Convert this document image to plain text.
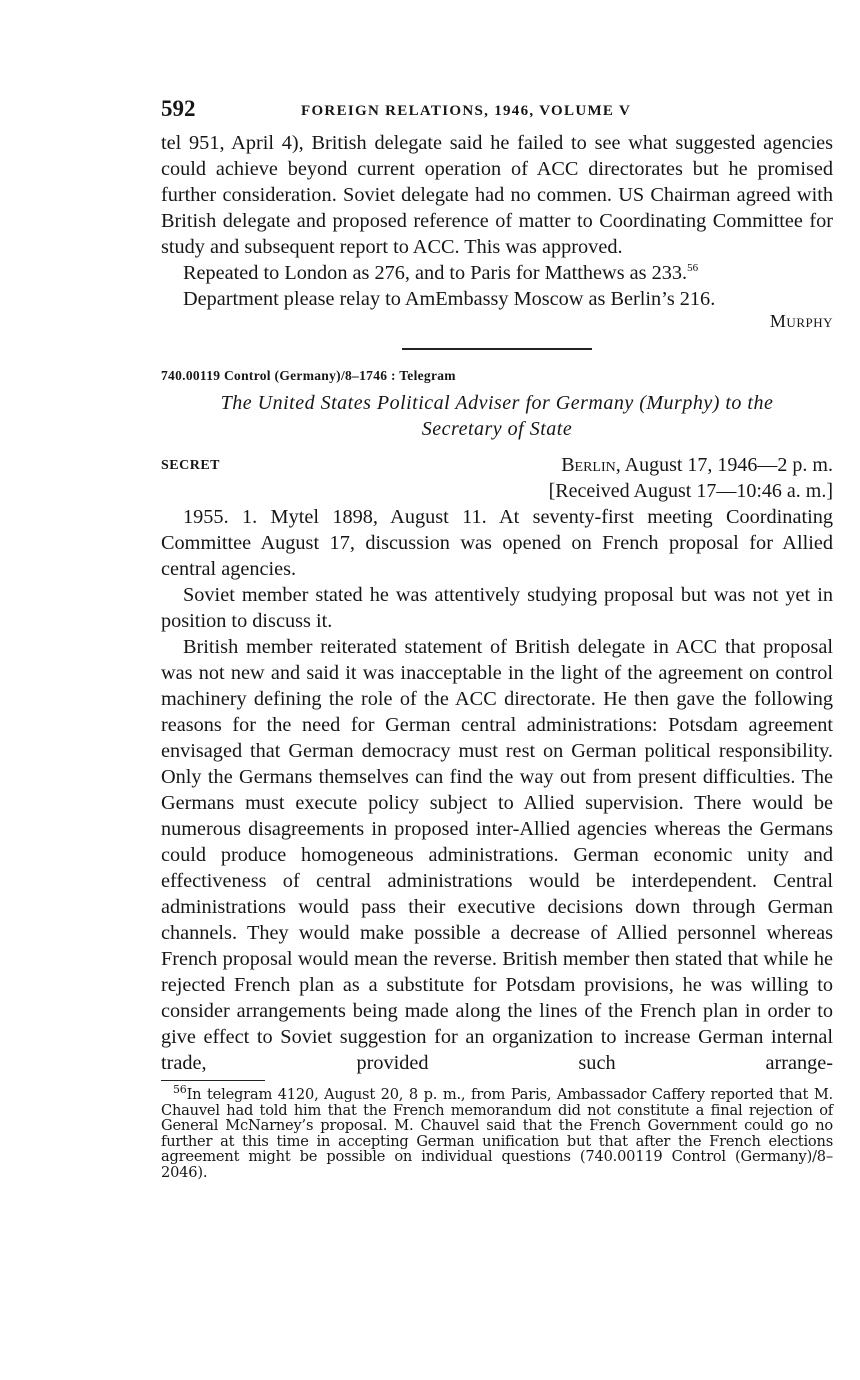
592	FOREIGN RELATIONS, 1946, VOLUME V

tel 951, April 4), British delegate said he failed to see what suggested agencies could achieve beyond current operation of ACC directorates but he promised further consideration. Soviet delegate had no commen. US Chairman agreed with British delegate and proposed reference of matter to Coordinating Committee for study and subsequent report to ACC. This was approved.

Repeated to London as 276, and to Paris for Matthews as 233.56

Department please relay to AmEmbassy Moscow as Berlin’s 216.

Murphy

740.00119 Control (Germany)/8–1746 : Telegram

The United States Political Adviser for Germany (Murphy) to the
Secretary of State
SECRET	Berlin, August 17, 1946—2 p. m.
[Received August 17—10:46 a. m.]

1955. 1. Mytel 1898, August 11. At seventy-first meeting Coordinating Committee August 17, discussion was opened on French proposal for Allied central agencies.

Soviet member stated he was attentively studying proposal but was not yet in position to discuss it.

British member reiterated statement of British delegate in ACC that proposal was not new and said it was inacceptable in the light of the agreement on control machinery defining the role of the ACC directorate. He then gave the following reasons for the need for German central administrations: Potsdam agreement envisaged that German democracy must rest on German political responsibility. Only the Germans themselves can find the way out from present difficulties. The Germans must execute policy subject to Allied supervision. There would be numerous disagreements in proposed inter-Allied agencies whereas the Germans could produce homogeneous administrations. German economic unity and effectiveness of central administrations would be interdependent. Central administrations would pass their executive decisions down through German channels. They would make possible a decrease of Allied personnel whereas French proposal would mean the reverse. British member then stated that while he rejected French plan as a substitute for Potsdam provisions, he was willing to consider arrangements being made along the lines of the French plan in order to give effect to Soviet suggestion for an organization to increase German internal trade, provided such arrange-

$^{56}$In telegram 4120, August 20, 8 p. m., from Paris, Ambassador Caffery reported that M. Chauvel had told him that the French memorandum did not constitute a final rejection of General McNarney’s proposal. M. Chauvel said that the French Government could go no further at this time in accepting German unification but that after the French elections agreement might be possible on individual questions (740.00119 Control (Germany)/8–2046).
